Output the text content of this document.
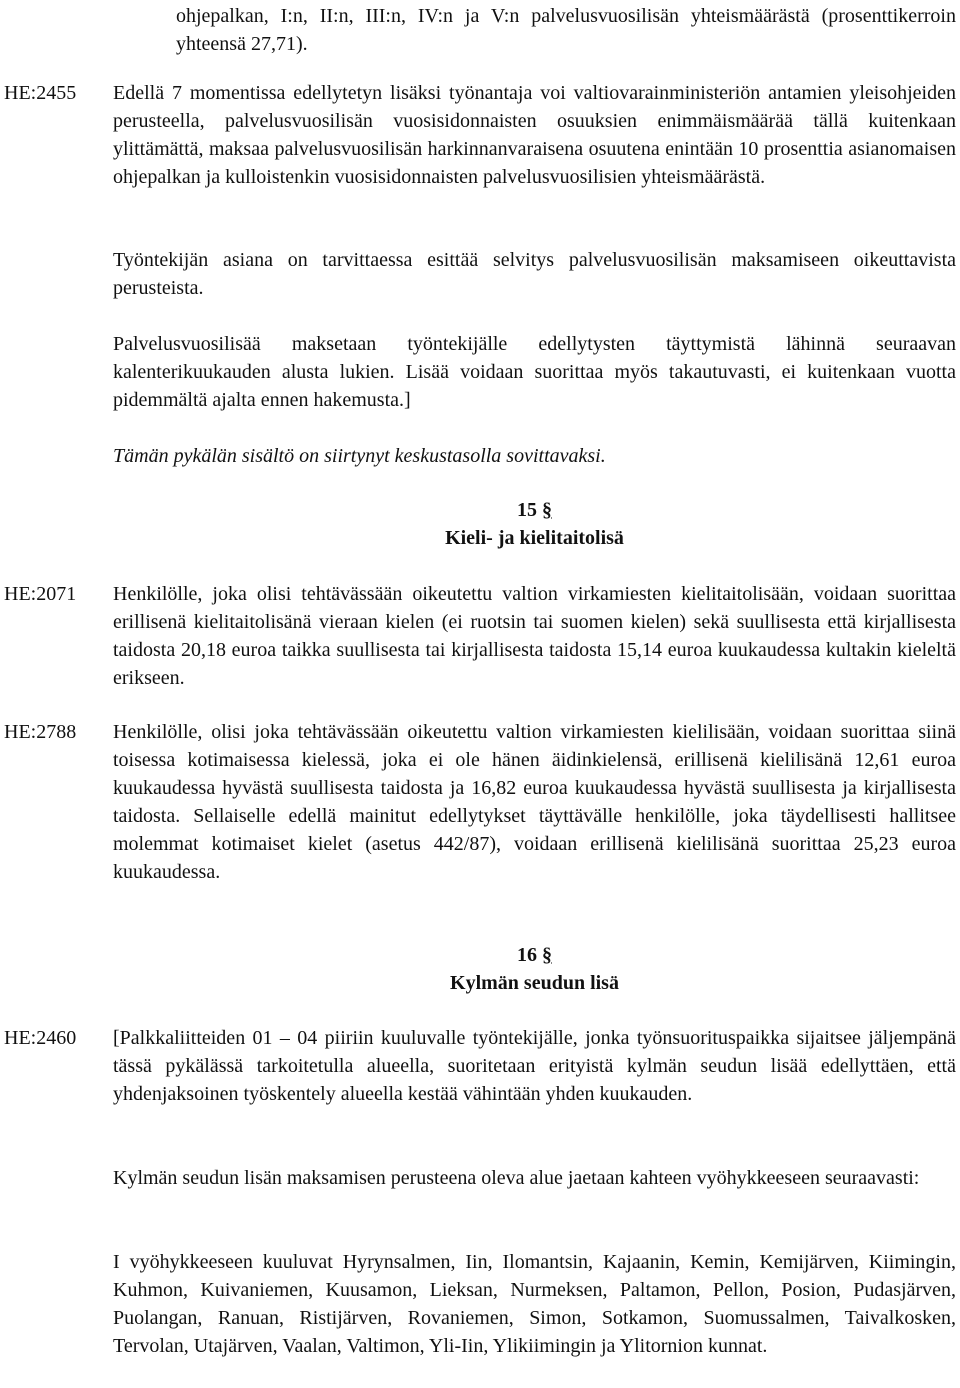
ohjepalkan, I:n, II:n, III:n, IV:n ja V:n palvelusvuosilisän yhteismäärästä (prosenttikerroin yhteensä 27,71).

HE:2455	Edellä 7 momentissa edellytetyn lisäksi työnantaja voi valtiovarainministeriön antamien yleisohjeiden perusteella, palvelusvuosilisän vuosisidonnaisten osuuksien enimmäismäärää tällä kuitenkaan ylittämättä, maksaa palvelusvuosilisän harkinnanvaraisena osuutena enintään 10 prosenttia asianomaisen ohjepalkan ja kulloistenkin vuosisidonnaisten palvelusvuosilisien yhteismäärästä.

Työntekijän asiana on tarvittaessa esittää selvitys palvelusvuosilisän maksamiseen oikeuttavista perusteista.

Palvelusvuosilisää maksetaan työntekijälle edellytysten täyttymistä lähinnä seuraavan kalenterikuukauden alusta lukien. Lisää voidaan suorittaa myös takautuvasti, ei kuitenkaan vuotta pidemmältä ajalta ennen hakemusta.]

Tämän pykälän sisältö on siirtynyt keskustasolla sovittavaksi.

15 §
Kieli- ja kielitaitolisä
HE:2071	Henkilölle, joka olisi tehtävässään oikeutettu valtion virkamiesten kielitaitolisään, voidaan suorittaa erillisenä kielitaitolisänä vieraan kielen (ei ruotsin tai suomen kielen) sekä suullisesta että kirjallisesta taidosta 20,18 euroa taikka suullisesta tai kirjallisesta taidosta 15,14 euroa kuukaudessa kultakin kieleltä erikseen.

HE:2788	Henkilölle, olisi joka tehtävässään oikeutettu valtion virkamiesten kielilisään, voidaan suorittaa siinä toisessa kotimaisessa kielessä, joka ei ole hänen äidinkielensä, erillisenä kielilisänä 12,61 euroa kuukaudessa hyvästä suullisesta taidosta ja 16,82 euroa kuukaudessa hyvästä suullisesta ja kirjallisesta taidosta. Sellaiselle edellä mainitut edellytykset täyttävälle henkilölle, joka täydellisesti hallitsee molemmat kotimaiset kielet (asetus 442/87), voidaan erillisenä kielilisänä suorittaa 25,23 euroa kuukaudessa.

16 §
Kylmän seudun lisä
HE:2460	[Palkkaliitteiden 01 – 04 piiriin kuuluvalle työntekijälle, jonka työnsuorituspaikka sijaitsee jäljempänä tässä pykälässä tarkoitetulla alueella, suoritetaan erityistä kylmän seudun lisää edellyttäen, että yhdenjaksoinen työskentely alueella kestää vähintään yhden kuukauden.

Kylmän seudun lisän maksamisen perusteena oleva alue jaetaan kahteen vyöhykkeeseen seuraavasti:

I vyöhykkeeseen kuuluvat Hyrynsalmen, Iin, Ilomantsin, Kajaanin, Kemin, Kemijärven, Kiimingin, Kuhmon, Kuivaniemen, Kuusamon, Lieksan, Nurmeksen, Paltamon, Pellon, Posion, Pudasjärven, Puolangan, Ranuan, Ristijärven, Rovaniemen, Simon, Sotkamon, Suomussalmen, Taivalkosken, Tervolan, Utajärven, Vaalan, Valtimon, Yli-Iin, Ylikiimingin ja Ylitornion kunnat.
